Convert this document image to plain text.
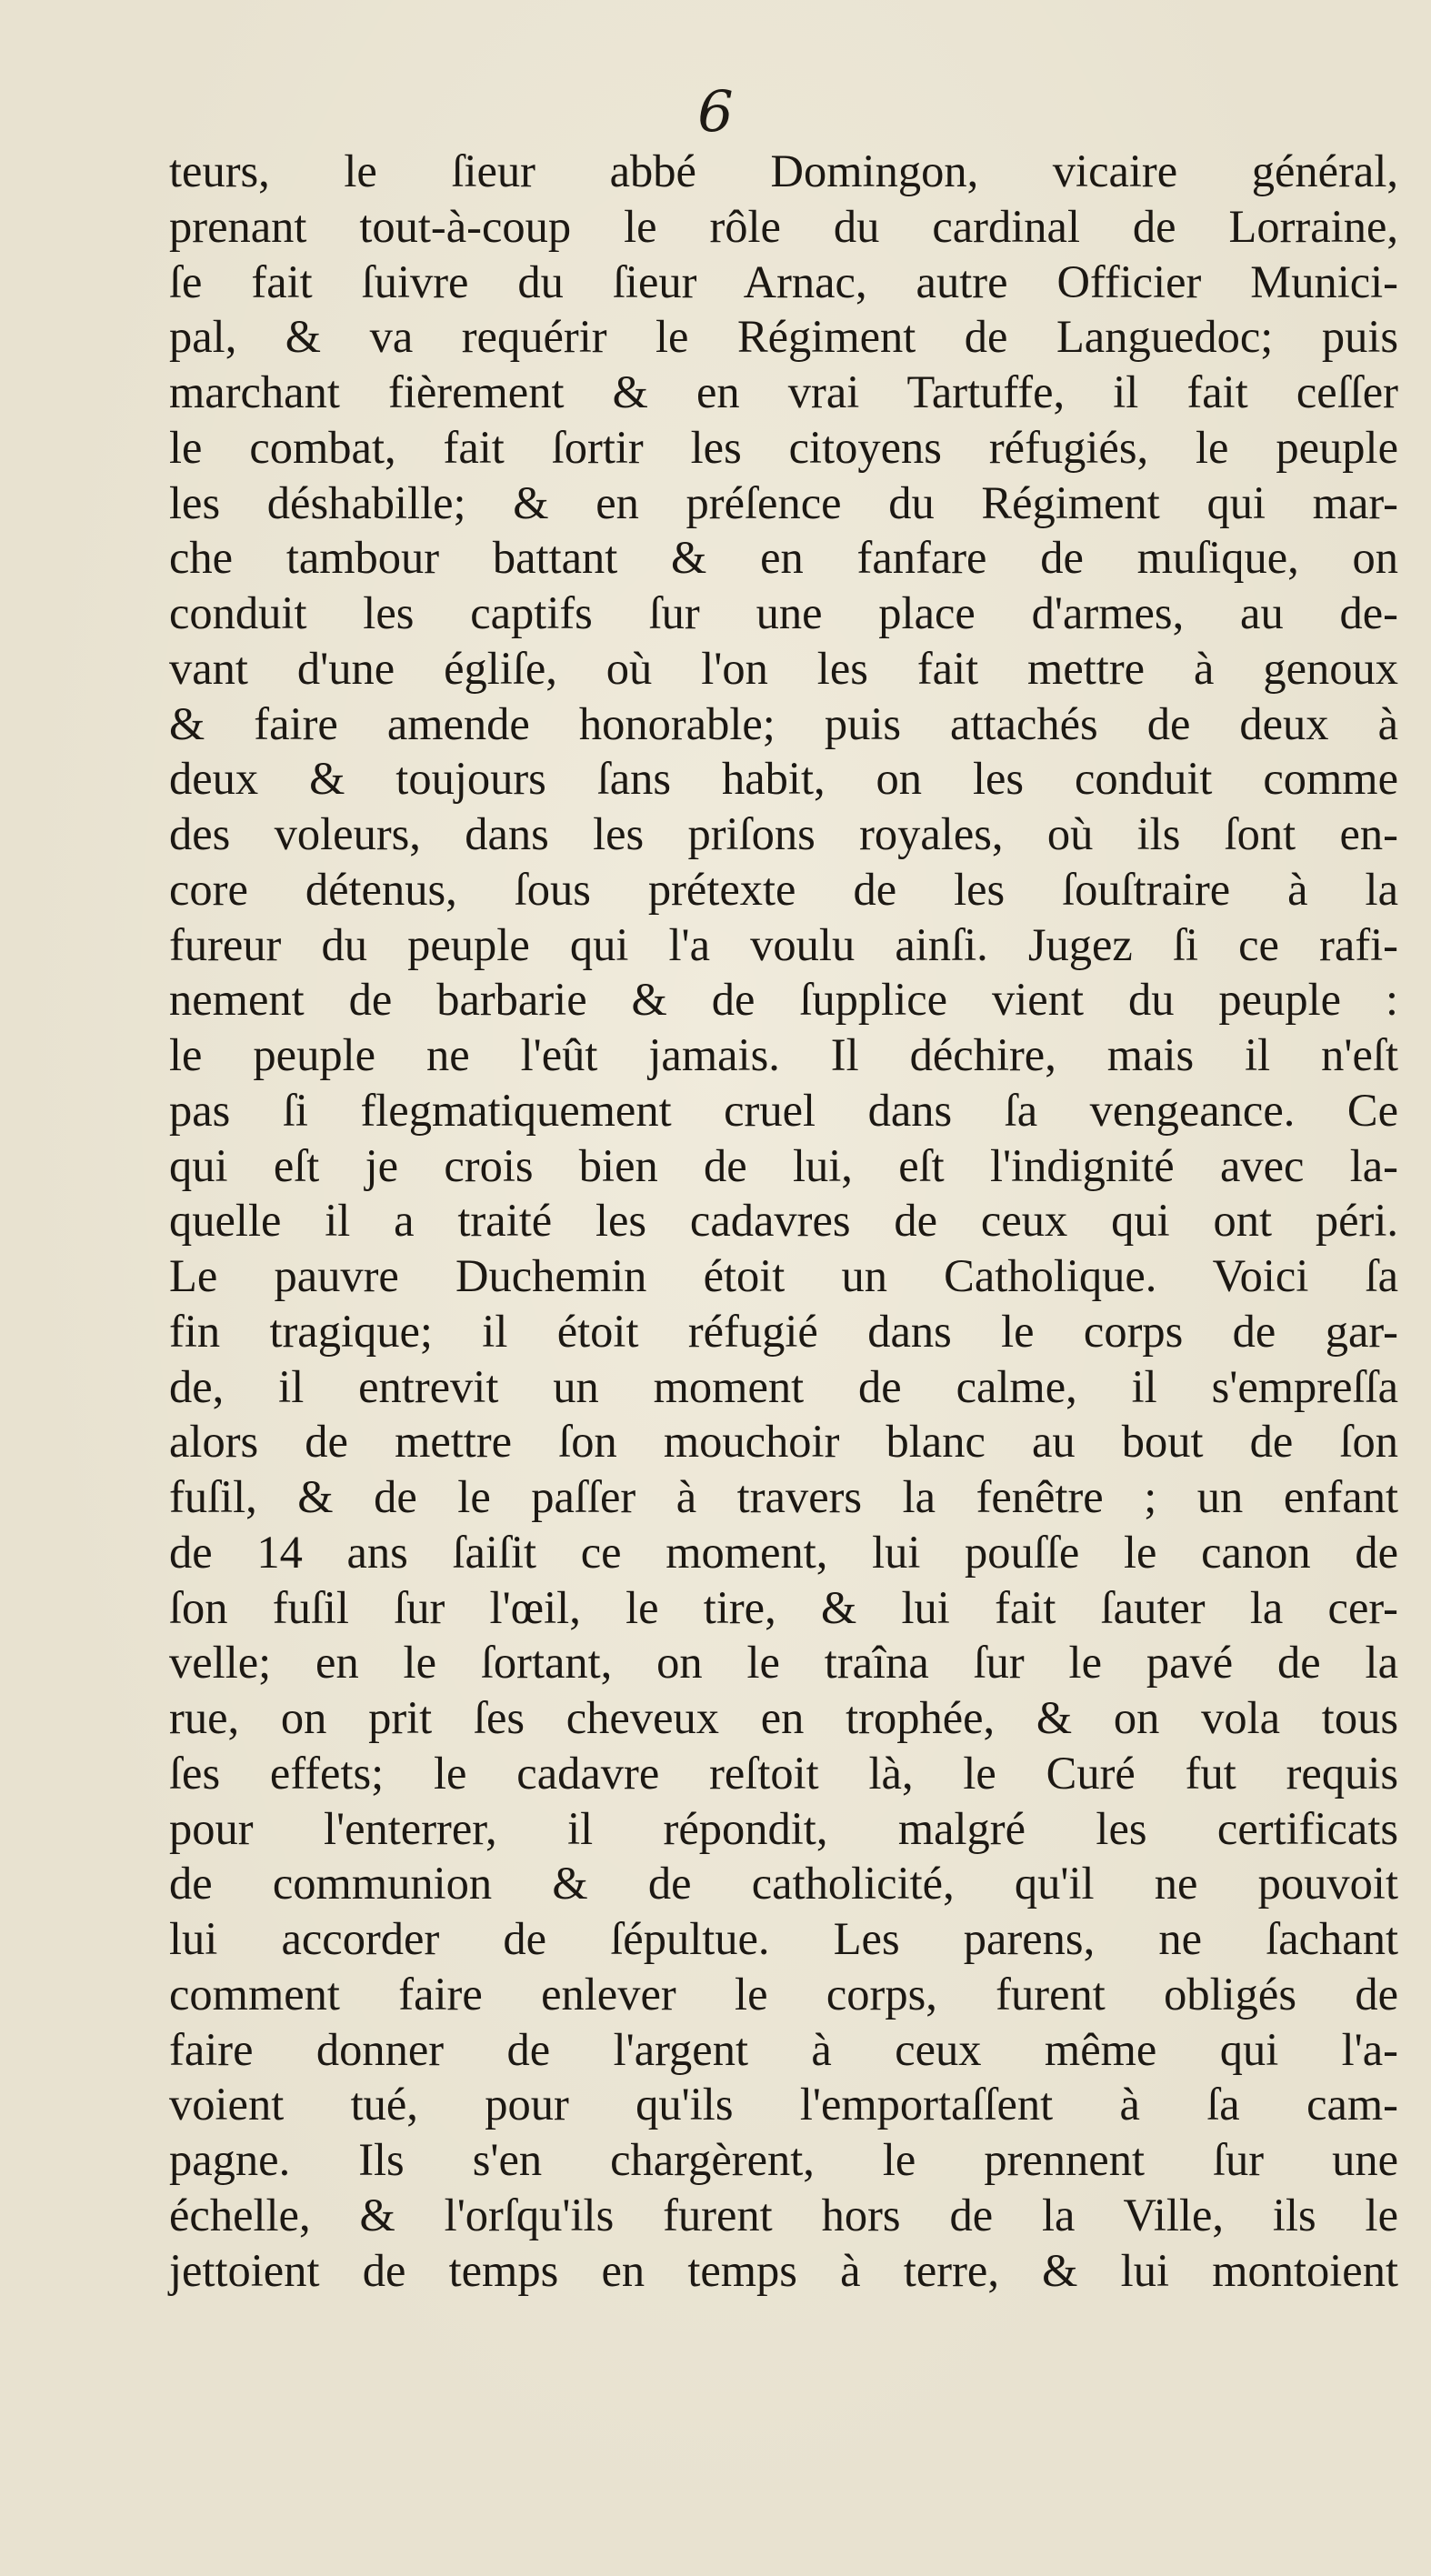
6
teurs, le ſieur abbé Domingon, vicaire général,
prenant tout-à-coup le rôle du cardinal de Lorraine,
ſe fait ſuivre du ſieur Arnac, autre Officier Munici-
pal, & va requérir le Régiment de Languedoc; puis
marchant fièrement & en vrai Tartuffe, il fait ceſſer
le combat, fait ſortir les citoyens réfugiés, le peuple
les déshabille; & en préſence du Régiment qui mar-
che tambour battant & en fanfare de muſique, on
conduit les captifs ſur une place d'armes, au de-
vant d'une égliſe, où l'on les fait mettre à genoux
& faire amende honorable; puis attachés de deux à
deux & toujours ſans habit, on les conduit comme
des voleurs, dans les priſons royales, où ils ſont en-
core détenus, ſous prétexte de les ſouſtraire à la
fureur du peuple qui l'a voulu ainſi. Jugez ſi ce rafi-
nement de barbarie & de ſupplice vient du peuple :
le peuple ne l'eût jamais. Il déchire, mais il n'eſt
pas ſi flegmatiquement cruel dans ſa vengeance. Ce
qui eſt je crois bien de lui, eſt l'indignité avec la-
quelle il a traité les cadavres de ceux qui ont péri.
Le pauvre Duchemin étoit un Catholique. Voici ſa
fin tragique; il étoit réfugié dans le corps de gar-
de, il entrevit un moment de calme, il s'empreſſa
alors de mettre ſon mouchoir blanc au bout de ſon
fuſil, & de le paſſer à travers la fenêtre ; un enfant
de 14 ans ſaiſit ce moment, lui pouſſe le canon de
ſon fuſil ſur l'œil, le tire, & lui fait ſauter la cer-
velle; en le ſortant, on le traîna ſur le pavé de la
rue, on prit ſes cheveux en trophée, & on vola tous
ſes effets; le cadavre reſtoit là, le Curé fut requis
pour l'enterrer, il répondit, malgré les certificats
de communion & de catholicité, qu'il ne pouvoit
lui accorder de ſépultue. Les parens, ne ſachant
comment faire enlever le corps, furent obligés de
faire donner de l'argent à ceux même qui l'a-
voient tué, pour qu'ils l'emportaſſent à ſa cam-
pagne. Ils s'en chargèrent, le prennent ſur une
échelle, & l'orſqu'ils furent hors de la Ville, ils le
jettoient de temps en temps à terre, & lui montoient
